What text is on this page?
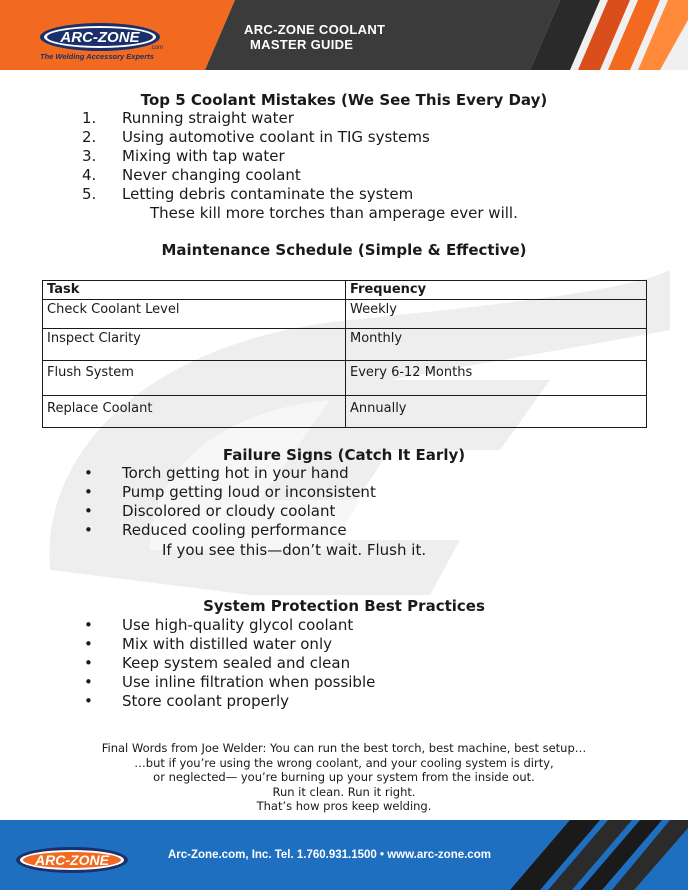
ARC-ZONE
.com
The Welding Accessory Experts
ARC-ZONE COOLANT
MASTER GUIDE
Top 5 Coolant Mistakes (We See This Every Day)
1. Running straight water
2. Using automotive coolant in TIG systems
3. Mixing with tap water
4. Never changing coolant
5. Letting debris contaminate the system
These kill more torches than amperage ever will.
Maintenance Schedule (Simple & Effective)
Task	Frequency
Check Coolant Level	Weekly
Inspect Clarity	Monthly
Flush System	Every 6-12 Months
Replace Coolant	Annually
Failure Signs (Catch It Early)
• Torch getting hot in your hand
• Pump getting loud or inconsistent
• Discolored or cloudy coolant
• Reduced cooling performance
If you see this—don’t wait. Flush it.
System Protection Best Practices
• Use high-quality glycol coolant
• Mix with distilled water only
• Keep system sealed and clean
• Use inline filtration when possible
• Store coolant properly
Final Words from Joe Welder: You can run the best torch, best machine, best setup…
…but if you’re using the wrong coolant, and your cooling system is dirty,
or neglected— you’re burning up your system from the inside out.
Run it clean. Run it right.
That’s how pros keep welding.
ARC-ZONE	Arc-Zone.com, Inc. Tel. 1.760.931.1500 • www.arc-zone.com
